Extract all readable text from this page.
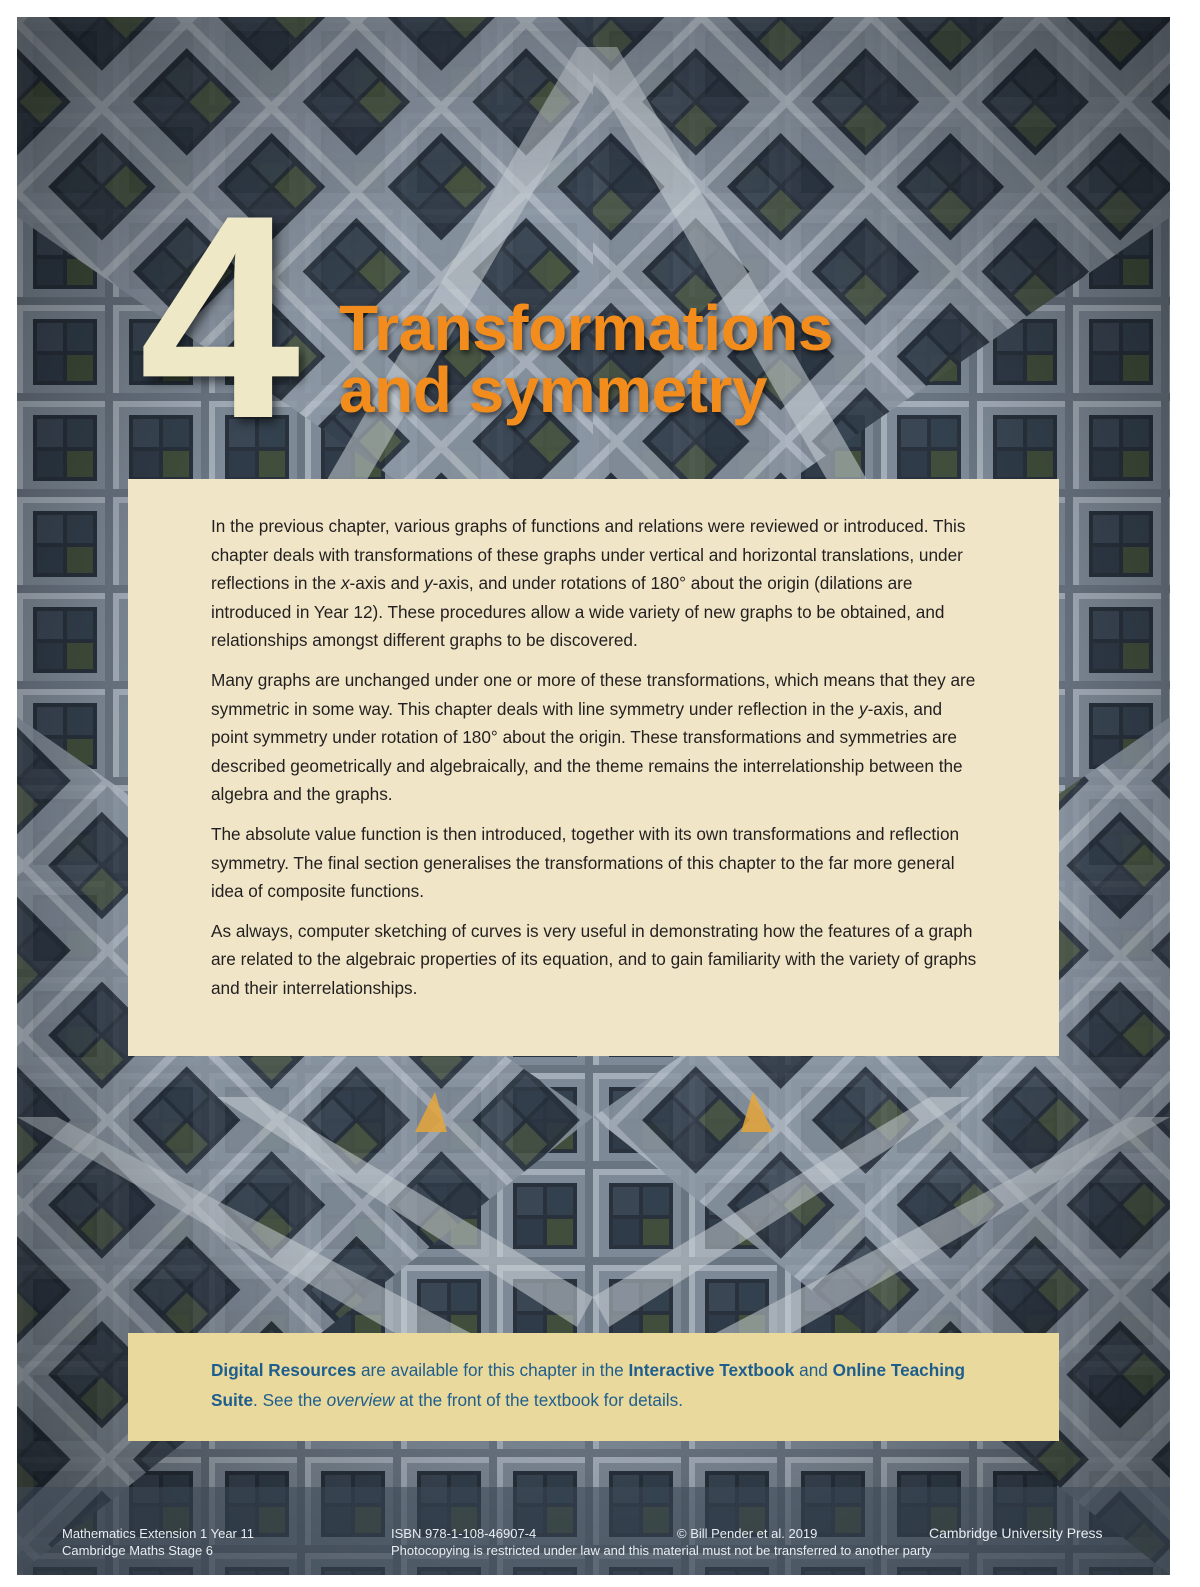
4 Transformations
and symmetry

In the previous chapter, various graphs of functions and relations were reviewed or introduced. This chapter deals with transformations of these graphs under vertical and horizontal translations, under reflections in the x-axis and y-axis, and under rotations of 180° about the origin (dilations are introduced in Year 12). These procedures allow a wide variety of new graphs to be obtained, and relationships amongst different graphs to be discovered.

Many graphs are unchanged under one or more of these transformations, which means that they are symmetric in some way. This chapter deals with line symmetry under reflection in the y-axis, and point symmetry under rotation of 180° about the origin. These transformations and symmetries are described geometrically and algebraically, and the theme remains the interrelationship between the algebra and the graphs.

The absolute value function is then introduced, together with its own transformations and reflection symmetry. The final section generalises the transformations of this chapter to the far more general idea of composite functions.

As always, computer sketching of curves is very useful in demonstrating how the features of a graph are related to the algebraic properties of its equation, and to gain familiarity with the variety of graphs and their interrelationships.

Digital Resources are available for this chapter in the Interactive Textbook and Online Teaching Suite. See the overview at the front of the textbook for details.

Mathematics Extension 1 Year 11
Cambridge Maths Stage 6
ISBN 978-1-108-46907-4
Photocopying is restricted under law and this material must not be transferred to another party
© Bill Pender et al. 2019	Cambridge University Press
